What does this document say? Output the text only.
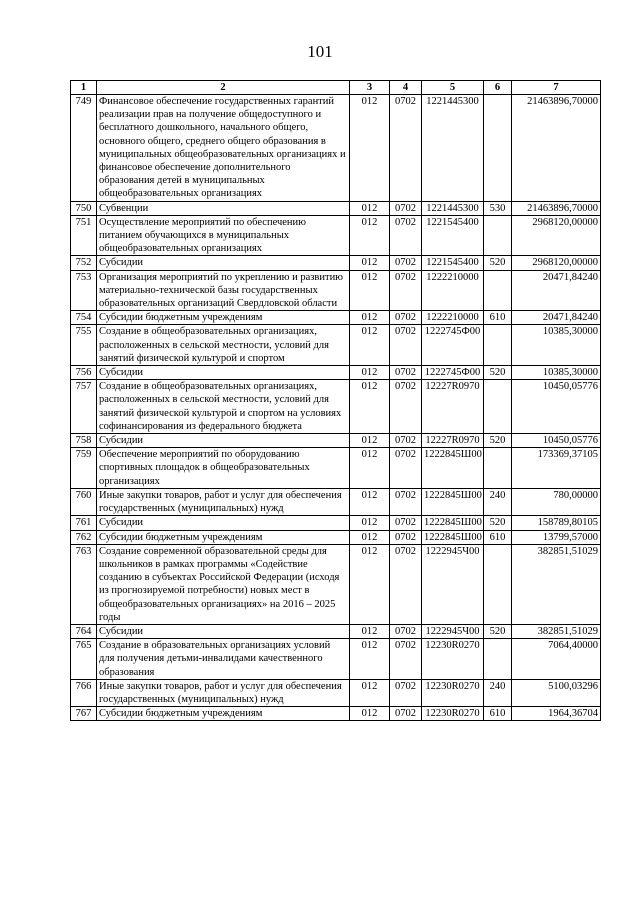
101
1	2	3	4	5	6	7
749	Финансовое обеспечение государственных гарантий реализации прав на получение общедоступного и бесплатного дошкольного, начального общего, основного общего, среднего общего образования в муниципальных общеобразовательных организациях и финансовое обеспечение дополнительного образования детей в муниципальных общеобразовательных организациях	012	0702	1221445300		21463896,70000
750	Субвенции	012	0702	1221445300	530	21463896,70000
751	Осуществление мероприятий по обеспечению питанием обучающихся в муниципальных общеобразовательных организациях	012	0702	1221545400		2968120,00000
752	Субсидии	012	0702	1221545400	520	2968120,00000
753	Организация мероприятий по укреплению и развитию материально-технической базы государственных образовательных организаций Свердловской области	012	0702	1222210000		20471,84240
754	Субсидии бюджетным учреждениям	012	0702	1222210000	610	20471,84240
755	Создание в общеобразовательных организациях, расположенных в сельской местности, условий для занятий физической культурой и спортом	012	0702	1222745Ф00		10385,30000
756	Субсидии	012	0702	1222745Ф00	520	10385,30000
757	Создание в общеобразовательных организациях, расположенных в сельской местности, условий для занятий физической культурой и спортом на условиях софинансирования из федерального бюджета	012	0702	12227R0970		10450,05776
758	Субсидии	012	0702	12227R0970	520	10450,05776
759	Обеспечение мероприятий по оборудованию спортивных площадок в общеобразовательных организациях	012	0702	1222845Ш00		173369,37105
760	Иные закупки товаров, работ и услуг для обеспечения государственных (муниципальных) нужд	012	0702	1222845Ш00	240	780,00000
761	Субсидии	012	0702	1222845Ш00	520	158789,80105
762	Субсидии бюджетным учреждениям	012	0702	1222845Ш00	610	13799,57000
763	Создание современной образовательной среды для школьников в рамках программы «Содействие созданию в субъектах Российской Федерации (исходя из прогнозируемой потребности) новых мест в общеобразовательных организациях» на 2016 – 2025 годы	012	0702	1222945Ч00		382851,51029
764	Субсидии	012	0702	1222945Ч00	520	382851,51029
765	Создание в образовательных организациях условий для получения детьми-инвалидами качественного образования	012	0702	12230R0270		7064,40000
766	Иные закупки товаров, работ и услуг для обеспечения государственных (муниципальных) нужд	012	0702	12230R0270	240	5100,03296
767	Субсидии бюджетным учреждениям	012	0702	12230R0270	610	1964,36704
